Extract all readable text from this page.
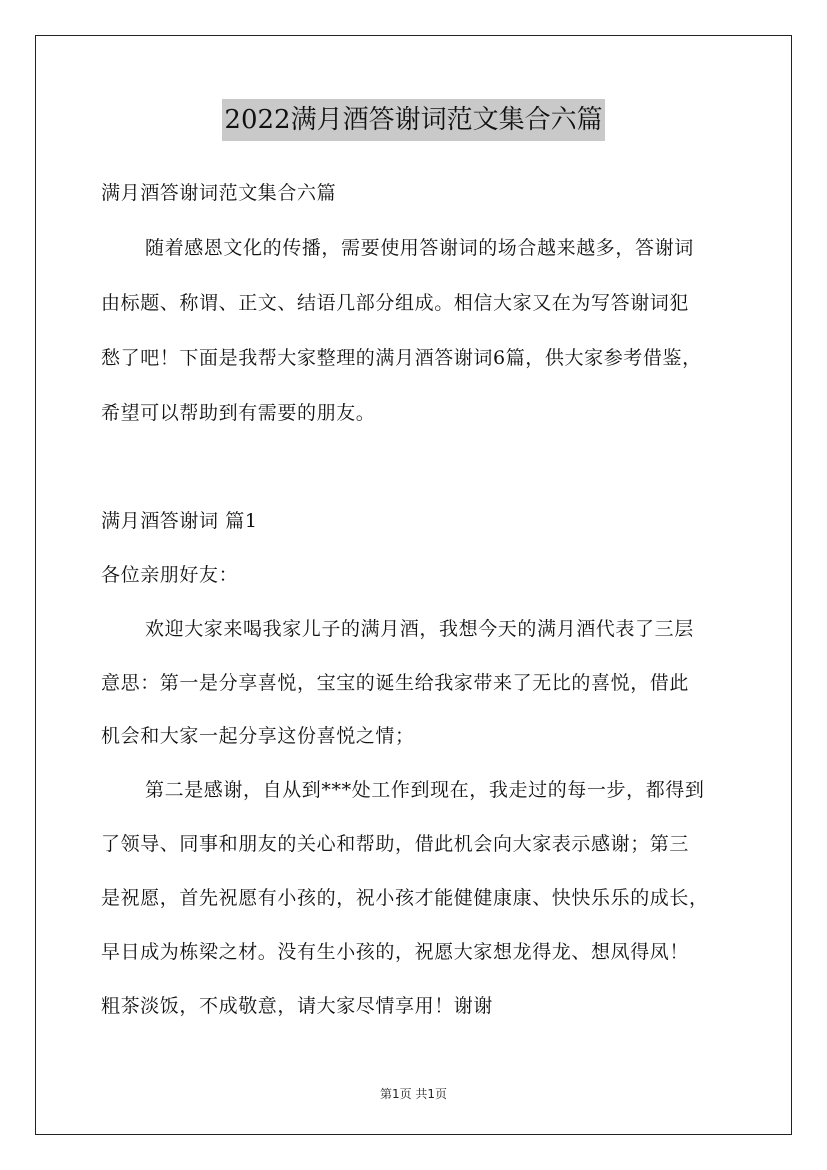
2022满月酒答谢词范文集合六篇
满月酒答谢词范文集合六篇
随着感恩文化的传播，需要使用答谢词的场合越来越多，答谢词
由标题、称谓、正文、结语几部分组成。相信大家又在为写答谢词犯
愁了吧！下面是我帮大家整理的满月酒答谢词6篇，供大家参考借鉴，
希望可以帮助到有需要的朋友。
满月酒答谢词 篇1
各位亲朋好友：
欢迎大家来喝我家儿子的满月酒，我想今天的满月酒代表了三层
意思：第一是分享喜悦，宝宝的诞生给我家带来了无比的喜悦，借此
机会和大家一起分享这份喜悦之情；
第二是感谢，自从到***处工作到现在，我走过的每一步，都得到
了领导、同事和朋友的关心和帮助，借此机会向大家表示感谢；第三
是祝愿，首先祝愿有小孩的，祝小孩才能健健康康、快快乐乐的成长，
早日成为栋梁之材。没有生小孩的，祝愿大家想龙得龙、想凤得凤！
粗茶淡饭，不成敬意，请大家尽情享用！谢谢
第1页 共1页
